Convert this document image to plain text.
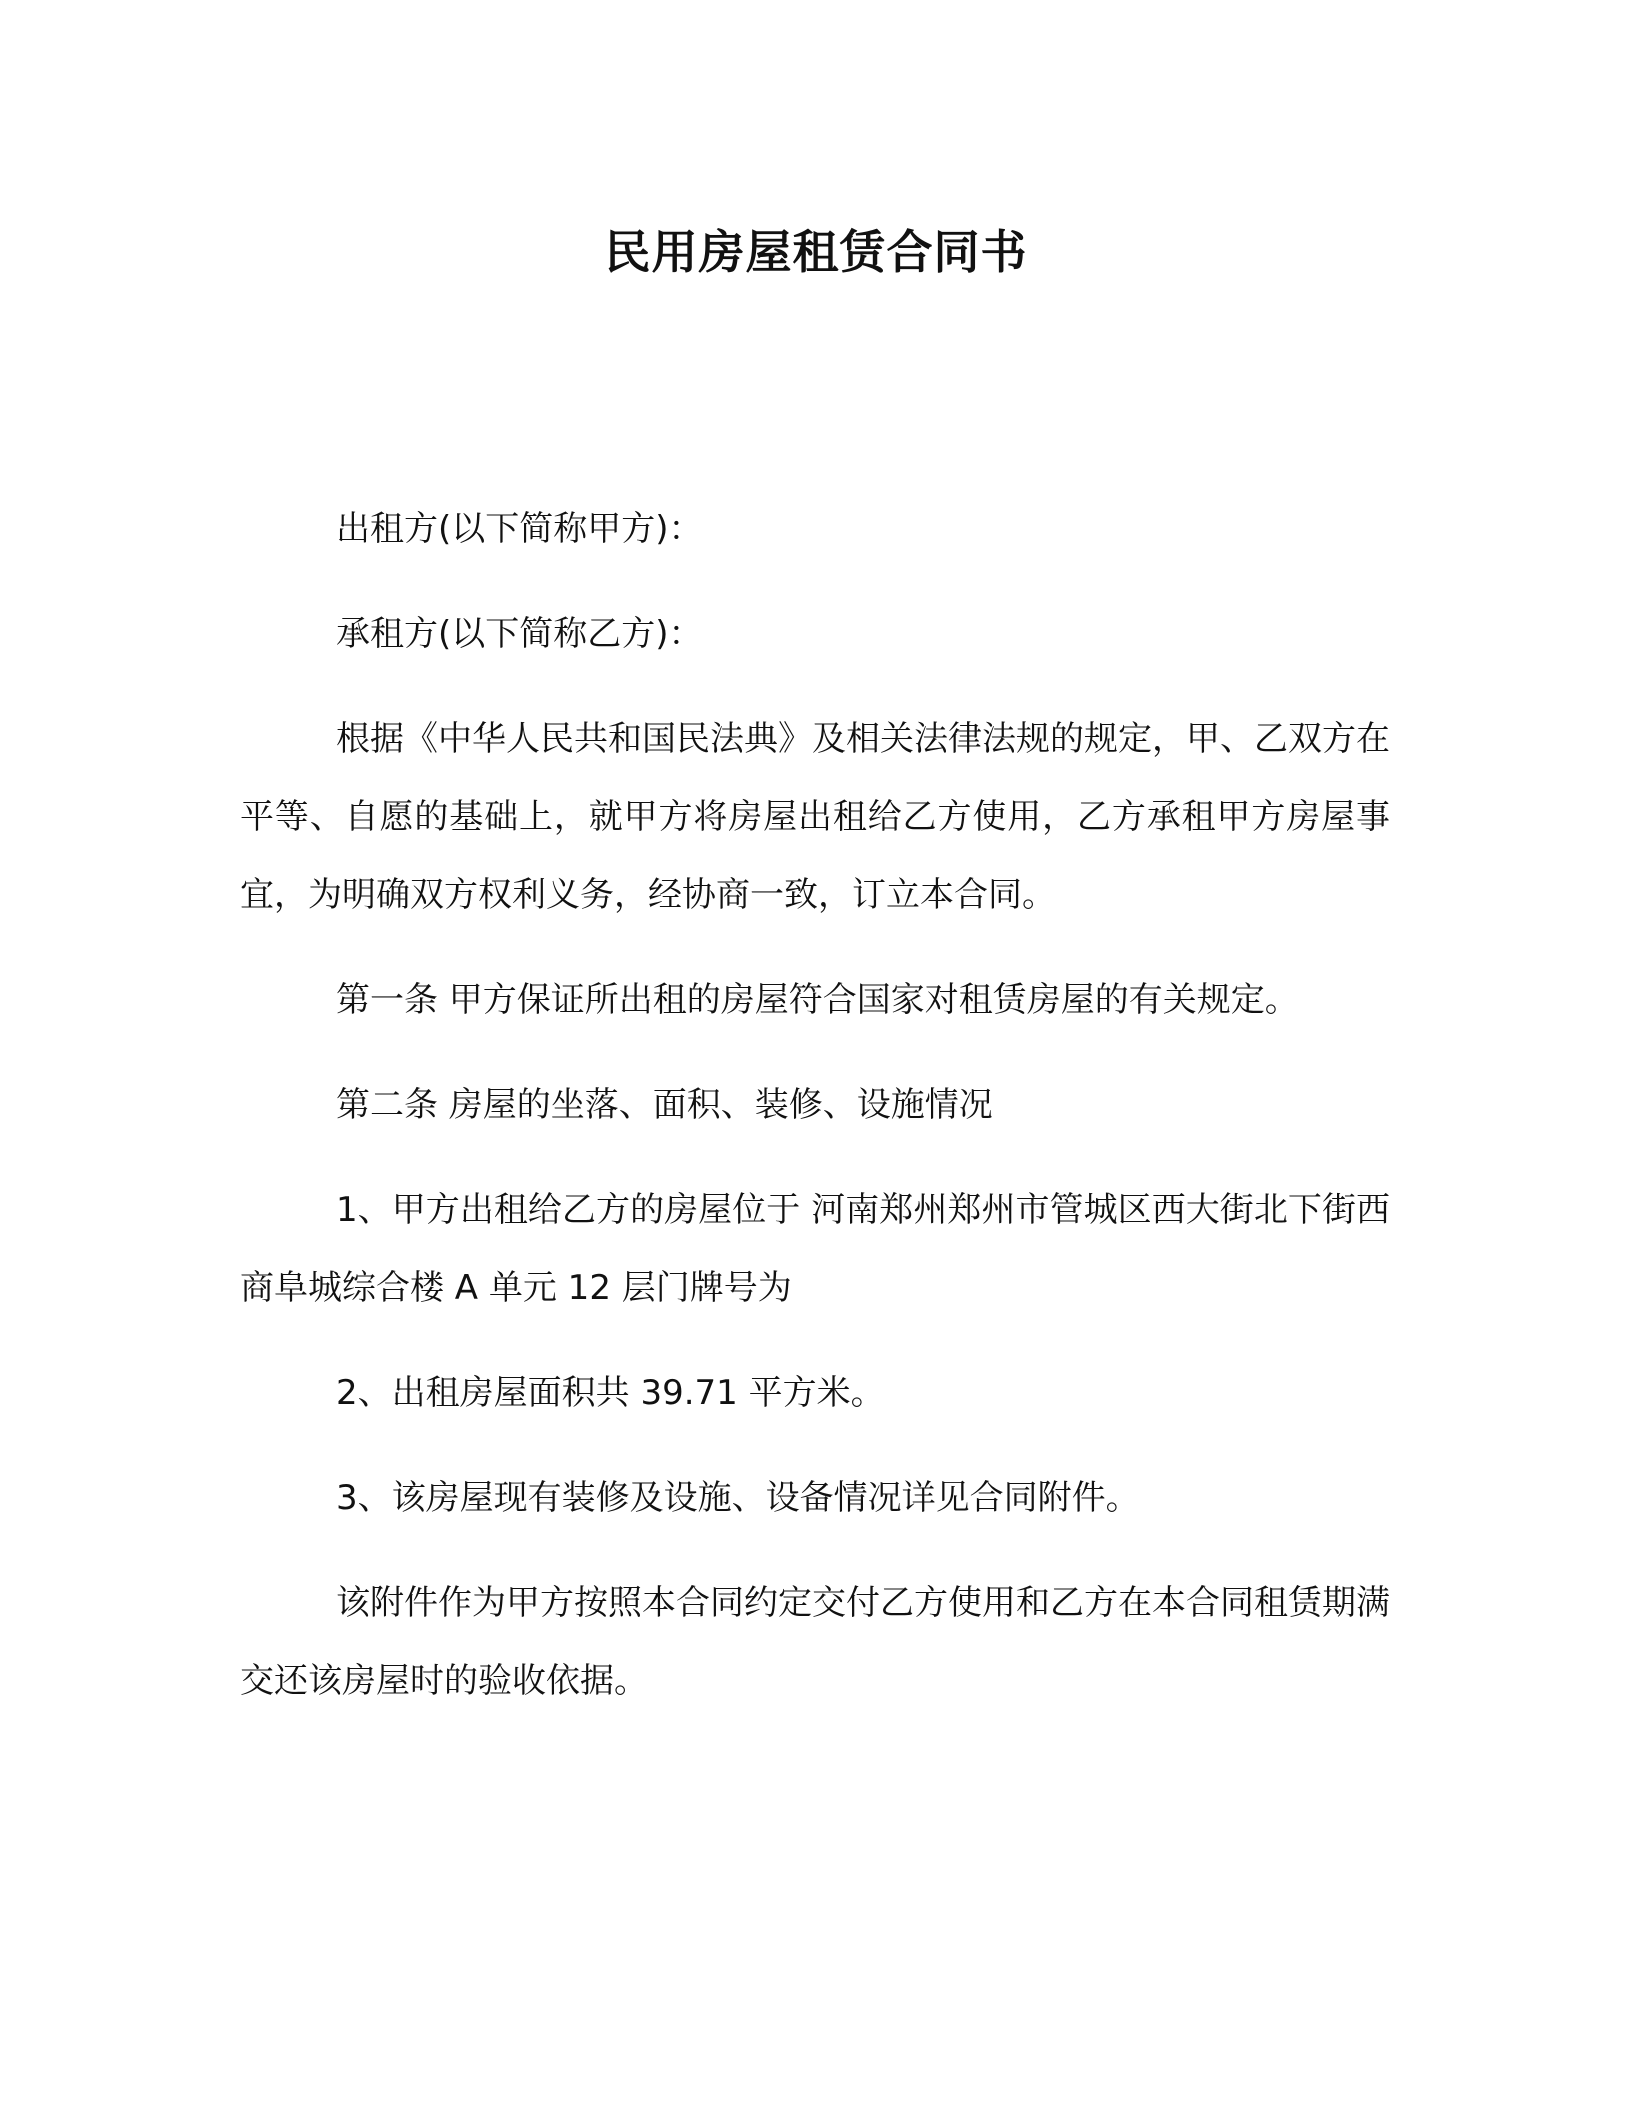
民用房屋租赁合同书

出租方(以下简称甲方)：

承租方(以下简称乙方)：

根据《中华人民共和国民法典》及相关法律法规的规定，甲、乙双方在平等、自愿的基础上，就甲方将房屋出租给乙方使用，乙方承租甲方房屋事宜，为明确双方权利义务，经协商一致，订立本合同。

第一条 甲方保证所出租的房屋符合国家对租赁房屋的有关规定。

第二条 房屋的坐落、面积、装修、设施情况

1、甲方出租给乙方的房屋位于 河南郑州郑州市管城区西大街北下街西商阜城综合楼 A 单元 12 层门牌号为

2、出租房屋面积共 39.71 平方米。

3、该房屋现有装修及设施、设备情况详见合同附件。

该附件作为甲方按照本合同约定交付乙方使用和乙方在本合同租赁期满交还该房屋时的验收依据。
